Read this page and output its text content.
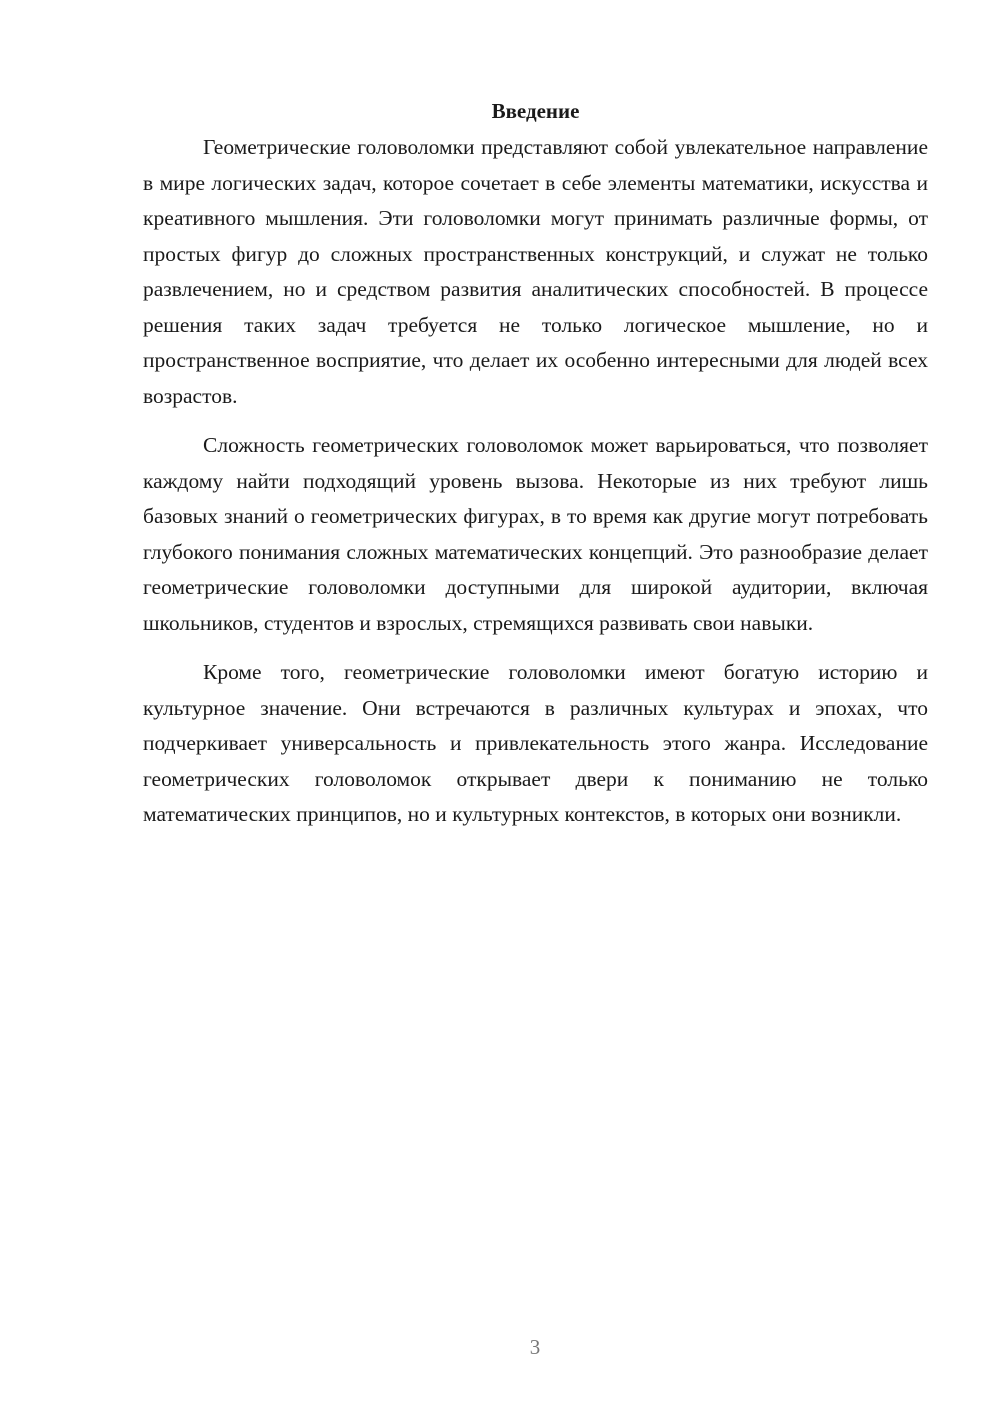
Введение

Геометрические головоломки представляют собой увлекательное направление в мире логических задач, которое сочетает в себе элементы математики, искусства и креативного мышления. Эти головоломки могут принимать различные формы, от простых фигур до сложных пространственных конструкций, и служат не только развлечением, но и средством развития аналитических способностей. В процессе решения таких задач требуется не только логическое мышление, но и пространственное восприятие, что делает их особенно интересными для людей всех возрастов.

Сложность геометрических головоломок может варьироваться, что позволяет каждому найти подходящий уровень вызова. Некоторые из них требуют лишь базовых знаний о геометрических фигурах, в то время как другие могут потребовать глубокого понимания сложных математических концепций. Это разнообразие делает геометрические головоломки доступными для широкой аудитории, включая школьников, студентов и взрослых, стремящихся развивать свои навыки.

Кроме того, геометрические головоломки имеют богатую историю и культурное значение. Они встречаются в различных культурах и эпохах, что подчеркивает универсальность и привлекательность этого жанра. Исследование геометрических головоломок открывает двери к пониманию не только математических принципов, но и культурных контекстов, в которых они возникли.

3
